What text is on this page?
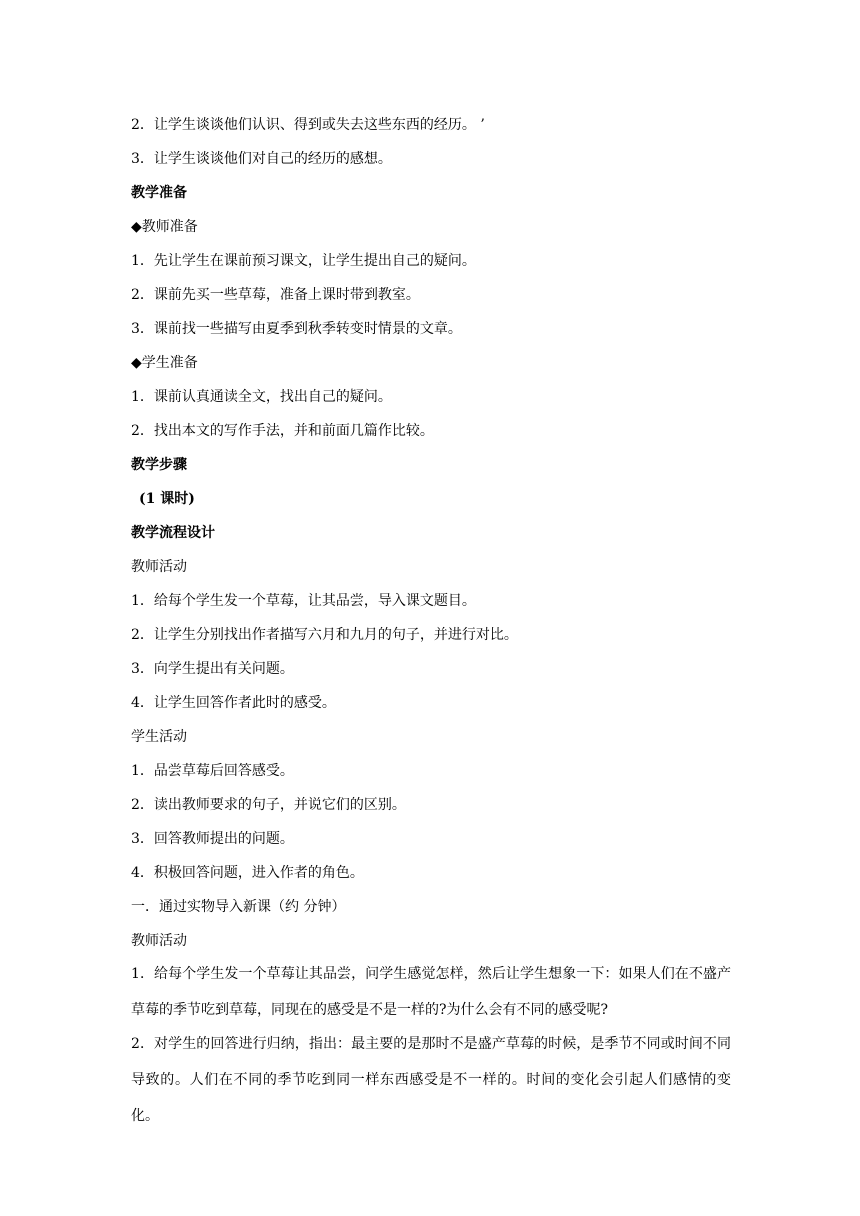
2．让学生谈谈他们认识、得到或失去这些东西的经历。 ’
3．让学生谈谈他们对自己的经历的感想。
教学准备
◆教师准备
1．先让学生在课前预习课文，让学生提出自己的疑问。
2．课前先买一些草莓，准备上课时带到教室。
3．课前找一些描写由夏季到秋季转变时情景的文章。
◆学生准备
1．课前认真通读全文，找出自己的疑问。
2．找出本文的写作手法，并和前面几篇作比较。
教学步骤
(1 课时)
教学流程设计
教师活动
1．给每个学生发一个草莓，让其品尝，导入课文题目。
2．让学生分别找出作者描写六月和九月的句子，并进行对比。
3．向学生提出有关问题。
4．让学生回答作者此时的感受。
学生活动
1．品尝草莓后回答感受。
2．读出教师要求的句子，并说它们的区别。
3．回答教师提出的问题。
4．积极回答问题，进入作者的角色。
一．通过实物导入新课（约 分钟）
教师活动
1．给每个学生发一个草莓让其品尝，问学生感觉怎样，然后让学生想象一下：如果人们在不盛产草莓的季节吃到草莓，同现在的感受是不是一样的?为什么会有不同的感受呢?
2．对学生的回答进行归纳，指出：最主要的是那时不是盛产草莓的时候，是季节不同或时间不同导致的。人们在不同的季节吃到同一样东西感受是不一样的。时间的变化会引起人们感情的变化。
